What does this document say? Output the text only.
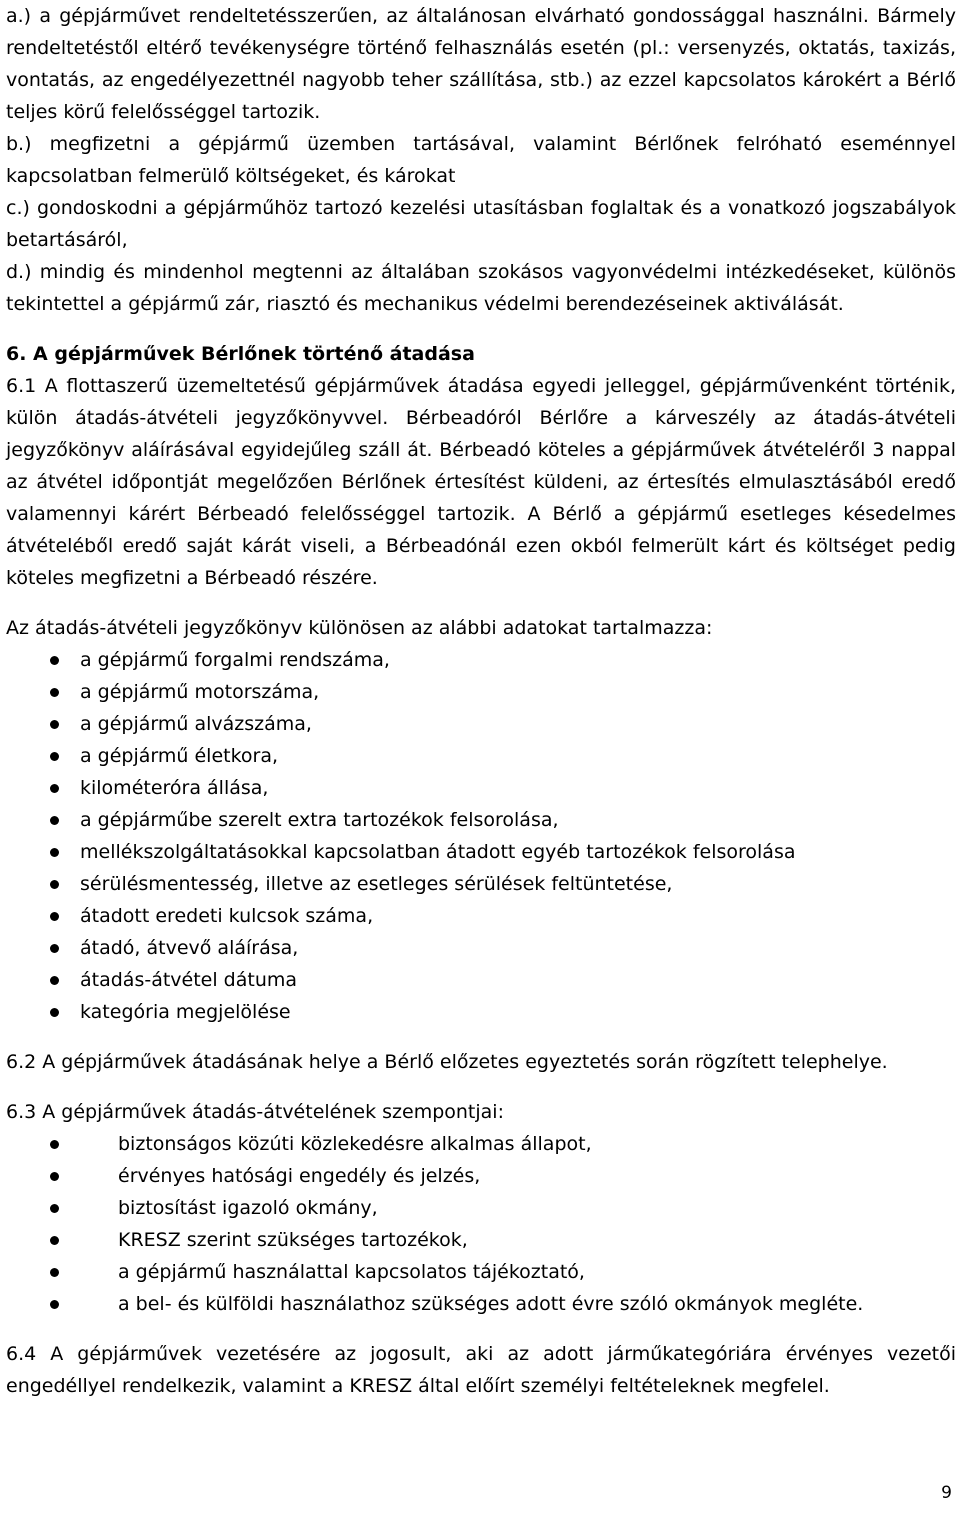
a.) a gépjárművet rendeltetésszerűen, az általánosan elvárható gondossággal használni. Bármely rendeltetéstől eltérő tevékenységre történő felhasználás esetén (pl.: versenyzés, oktatás, taxizás, vontatás, az engedélyezettnél nagyobb teher szállítása, stb.) az ezzel kapcsolatos károkért a Bérlő teljes körű felelősséggel tartozik.

b.) megfizetni a gépjármű üzemben tartásával, valamint Bérlőnek felróható eseménnyel kapcsolatban felmerülő költségeket, és károkat

c.) gondoskodni a gépjárműhöz tartozó kezelési utasításban foglaltak és a vonatkozó jogszabályok betartásáról,

d.) mindig és mindenhol megtenni az általában szokásos vagyonvédelmi intézkedéseket, különös tekintettel a gépjármű zár, riasztó és mechanikus védelmi berendezéseinek aktiválását.

6. A gépjárművek Bérlőnek történő átadása

6.1 A flottaszerű üzemeltetésű gépjárművek átadása egyedi jelleggel, gépjárművenként történik, külön átadás-átvételi jegyzőkönyvvel. Bérbeadóról Bérlőre a kárveszély az átadás-átvételi jegyzőkönyv aláírásával egyidejűleg száll át. Bérbeadó köteles a gépjárművek átvételéről 3 nappal az átvétel időpontját megelőzően Bérlőnek értesítést küldeni, az értesítés elmulasztásából eredő valamennyi kárért Bérbeadó felelősséggel tartozik. A Bérlő a gépjármű esetleges késedelmes átvételéből eredő saját kárát viseli, a Bérbeadónál ezen okból felmerült kárt és költséget pedig köteles megfizetni a Bérbeadó részére.

Az átadás-átvételi jegyzőkönyv különösen az alábbi adatokat tartalmazza:

a gépjármű forgalmi rendszáma,
a gépjármű motorszáma,
a gépjármű alvázszáma,
a gépjármű életkora,
kilométeróra állása,
a gépjárműbe szerelt extra tartozékok felsorolása,
mellékszolgáltatásokkal kapcsolatban átadott egyéb tartozékok felsorolása
sérülésmentesség, illetve az esetleges sérülések feltüntetése,
átadott eredeti kulcsok száma,
átadó, átvevő aláírása,
átadás-átvétel dátuma
kategória megjelölése

6.2 A gépjárművek átadásának helye a Bérlő előzetes egyeztetés során rögzített telephelye.

6.3 A gépjárművek átadás-átvételének szempontjai:

biztonságos közúti közlekedésre alkalmas állapot,
érvényes hatósági engedély és jelzés,
biztosítást igazoló okmány,
KRESZ szerint szükséges tartozékok,
a gépjármű használattal kapcsolatos tájékoztató,
a bel- és külföldi használathoz szükséges adott évre szóló okmányok megléte.

6.4 A gépjárművek vezetésére az jogosult, aki az adott járműkategóriára érvényes vezetői engedéllyel rendelkezik, valamint a KRESZ által előírt személyi feltételeknek megfelel.

9
